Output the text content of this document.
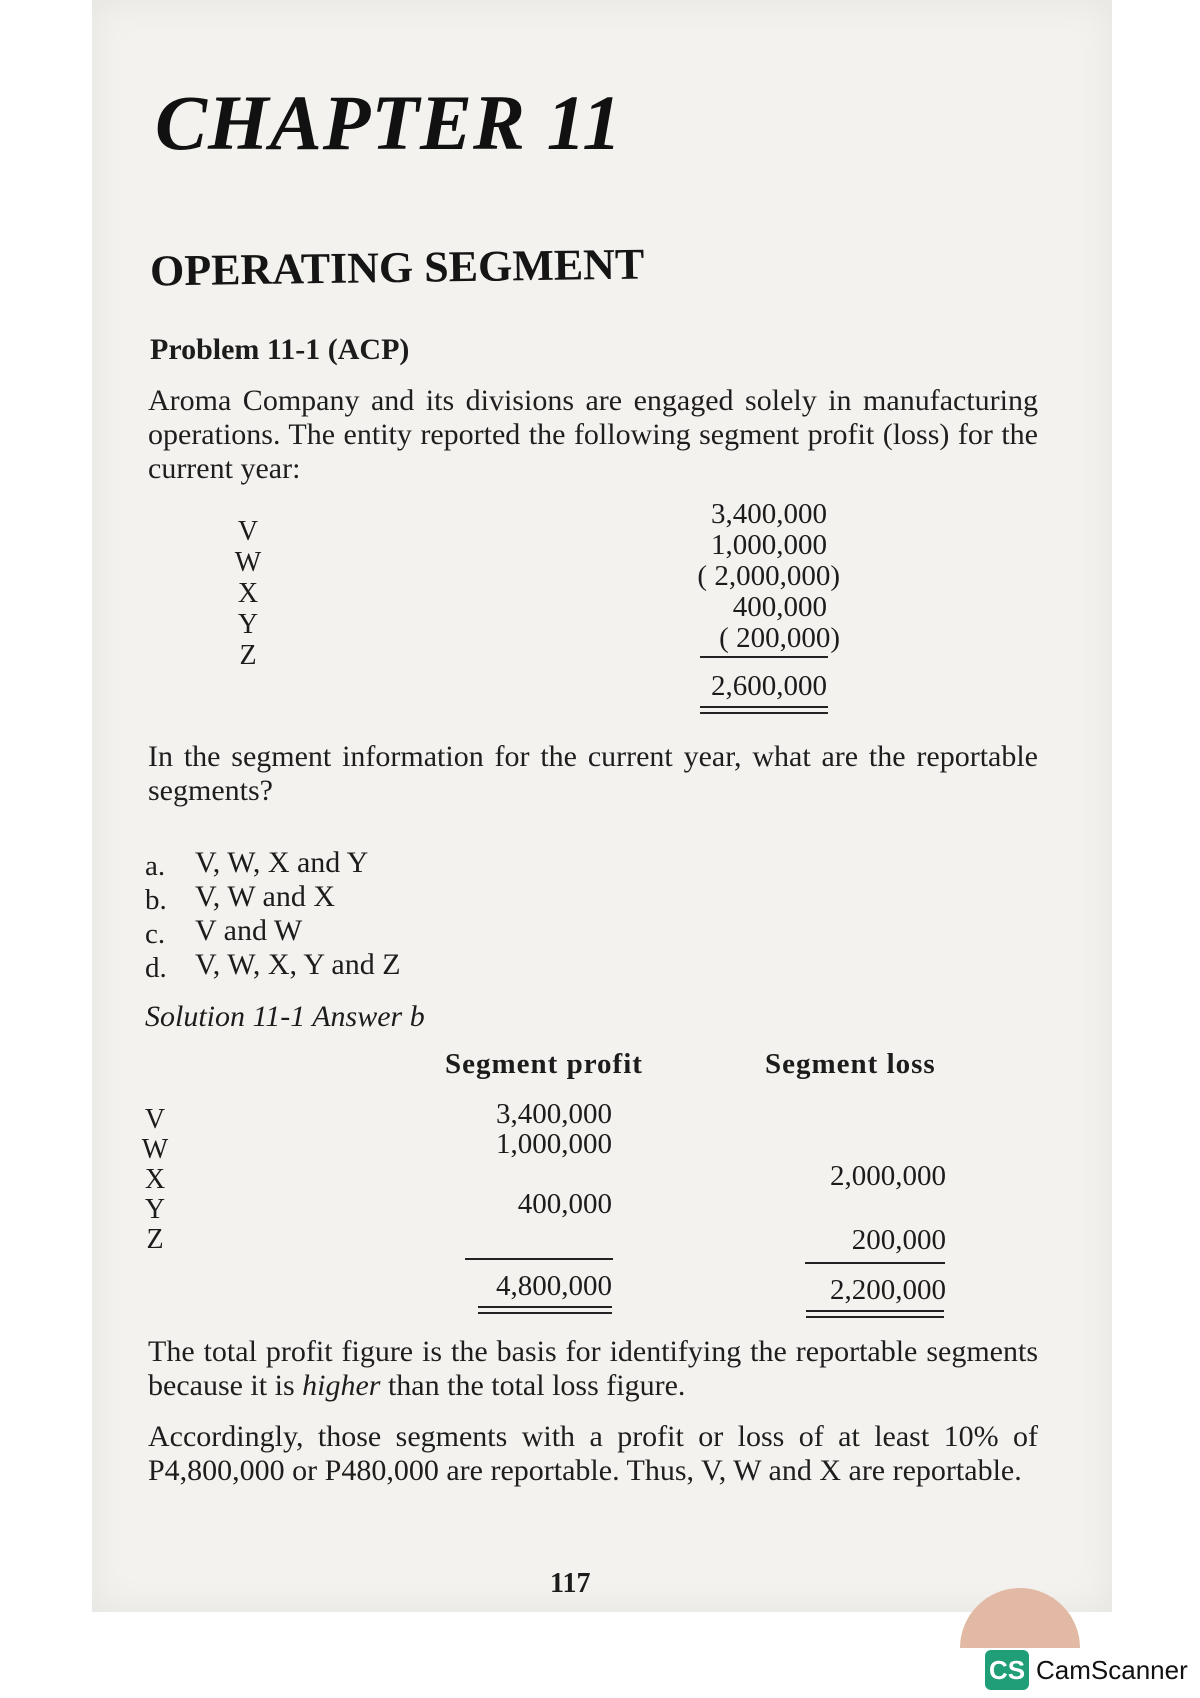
CHAPTER 11
OPERATING SEGMENT
Problem 11-1 (ACP)
Aroma Company and its divisions are engaged solely in manufacturing operations. The entity reported the following segment profit (loss) for the current year:
V
W
X
Y
Z
3,400,000
1,000,000
( 2,000,000)
400,000
( 200,000)
2,600,000
In the segment information for the current year, what are the reportable segments?
a. V, W, X and Y
b. V, W and X
c. V and W
d. V, W, X, Y and Z
Solution 11-1 Answer b
Segment profit	Segment loss
V
W
X
Y
Z
3,400,000
1,000,000
400,000
2,000,000
200,000
4,800,000	2,200,000
The total profit figure is the basis for identifying the reportable segments because it is higher than the total loss figure.
Accordingly, those segments with a profit or loss of at least 10% of P4,800,000 or P480,000 are reportable. Thus, V, W and X are reportable.
117
CS CamScanner
